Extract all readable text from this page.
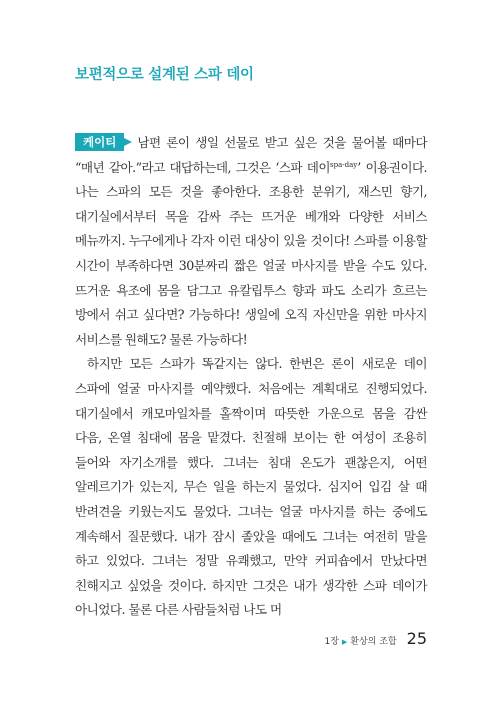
보편적으로 설계된 스파 데이

케이티 남편 론이 생일 선물로 받고 싶은 것을 물어볼 때마다 “매년 같아.”라고 대답하는데, 그것은 ‘스파 데이$^{spa-day}$’ 이용권이다. 나는 스파의 모든 것을 좋아한다. 조용한 분위기, 재스민 향기, 대기실에서부터 목을 감싸 주는 뜨거운 베개와 다양한 서비스 메뉴까지. 누구에게나 각자 이런 대상이 있을 것이다! 스파를 이용할 시간이 부족하다면 30분짜리 짧은 얼굴 마사지를 받을 수도 있다. 뜨거운 욕조에 몸을 담그고 유칼립투스 향과 파도 소리가 흐르는 방에서 쉬고 싶다면? 가능하다! 생일에 오직 자신만을 위한 마사지 서비스를 원해도? 물론 가능하다!

하지만 모든 스파가 똑같지는 않다. 한번은 론이 새로운 데이 스파에 얼굴 마사지를 예약했다. 처음에는 계획대로 진행되었다. 대기실에서 캐모마일차를 홀짝이며 따뜻한 가운으로 몸을 감싼 다음, 온열 침대에 몸을 맡겼다. 친절해 보이는 한 여성이 조용히 들어와 자기소개를 했다. 그녀는 침대 온도가 괜찮은지, 어떤 알레르기가 있는지, 무슨 일을 하는지 물었다. 심지어 입김 살 때 반려견을 키웠는지도 물었다. 그녀는 얼굴 마사지를 하는 중에도 계속해서 질문했다. 내가 잠시 졸았을 때에도 그녀는 여전히 말을 하고 있었다. 그녀는 정말 유쾌했고, 만약 커피숍에서 만났다면 친해지고 싶었을 것이다. 하지만 그것은 내가 생각한 스파 데이가 아니었다. 물론 다른 사람들처럼 나도 머

1장 ▶ 환상의 조합 25
